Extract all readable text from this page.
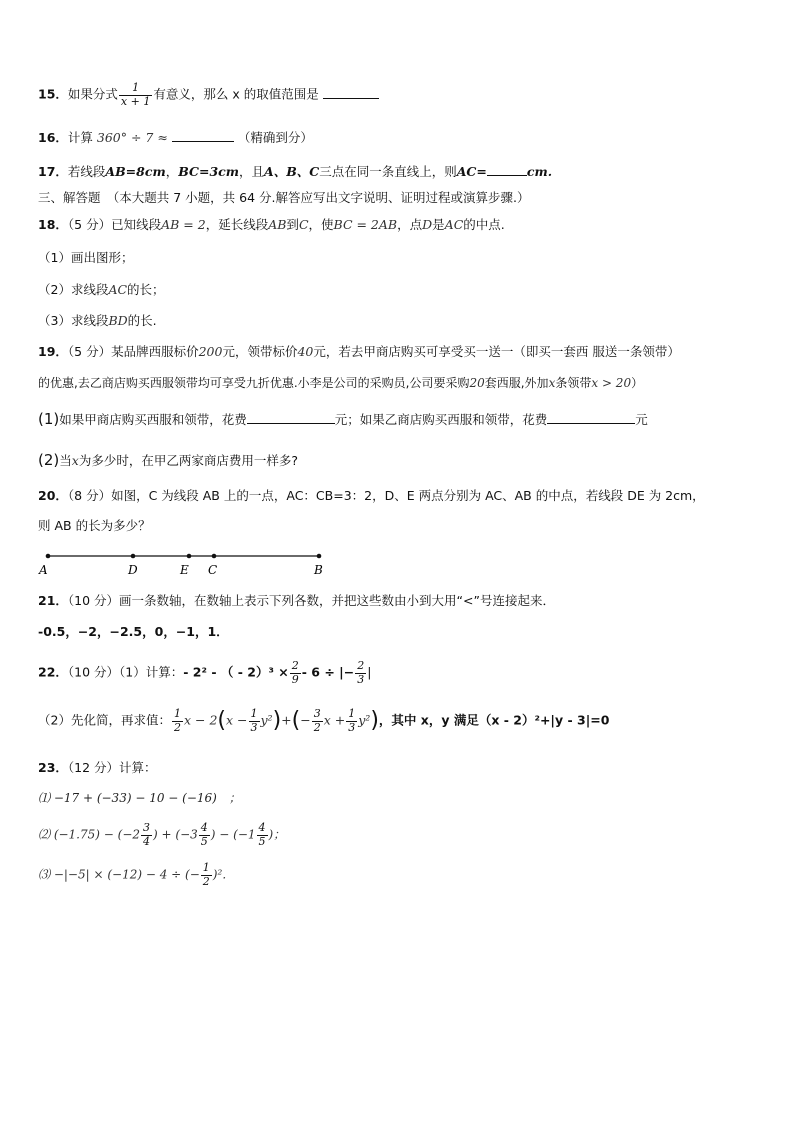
15．如果分式 $\frac{1}{x + 1}$ 有意义，那么 x 的取值范围是
16．计算 360° ÷ 7 ≈	（精确到分）
17．若线段AB=8cm，BC=3cm，且A、B、C三点在同一条直线上，则AC=	cm.
三、解答题　（本大题共 7 小题，共 64 分.解答应写出文字说明、证明过程或演算步骤.）
18．（5 分）已知线段AB = 2，延长线段AB到C，使BC = 2AB，点D是AC的中点.
（1）画出图形；
（2）求线段AC的长；
（3）求线段BD的长.
19．（5 分）某品牌西服标价200元，领带标价40元，若去甲商店购买可享受买一送一（即买一套西 服送一条领带）
的优惠,去乙商店购买西服领带均可享受九折优惠.小李是公司的采购员,公司要采购20套西服,外加x条领带x > 20）
(1)如果甲商店购买西服和领带，花费	元；如果乙商店购买西服和领带，花费	元
(2)当x为多少时，在甲乙两家商店费用一样多?
20．（8 分）如图，C 为线段 AB 上的一点，AC：CB=3：2，D、E 两点分别为 AC、AB 的中点，若线段 DE 为 2cm，
则 AB 的长为多少？
A	D	E C	B
21．（10 分）画一条数轴，在数轴上表示下列各数，并把这些数由小到大用“<”号连接起来．
-0.5，−2，−2.5，0，−1，1．
22．（10 分）（1）计算：- 2² - （ - $2)^3 \times \frac{2}{9} - 6$ ÷ |− $\frac{2}{3}$ |
（2）先化简，再求值： $\frac{1}{2}$ $x - 2(x - \frac{1}{3} y^2)+(- \frac{3}{2}$ $x + \frac{1}{3} y^2$)，其中 x，y 满足（x - 2）²+|y - 3|=0
23．（12 分）计算：
⑴ −17 + (−33) − 10 − (−16)　；
⑵ $(-1.75) - (-2 \frac{3}{4}$ ) + ($-3 \frac{4}{5}$ ) − ($-1 \frac{4}{5}$ )；
⑶ −|−5| × (−12) − 4 ÷ (− $\frac{1}{2} )^2$．
